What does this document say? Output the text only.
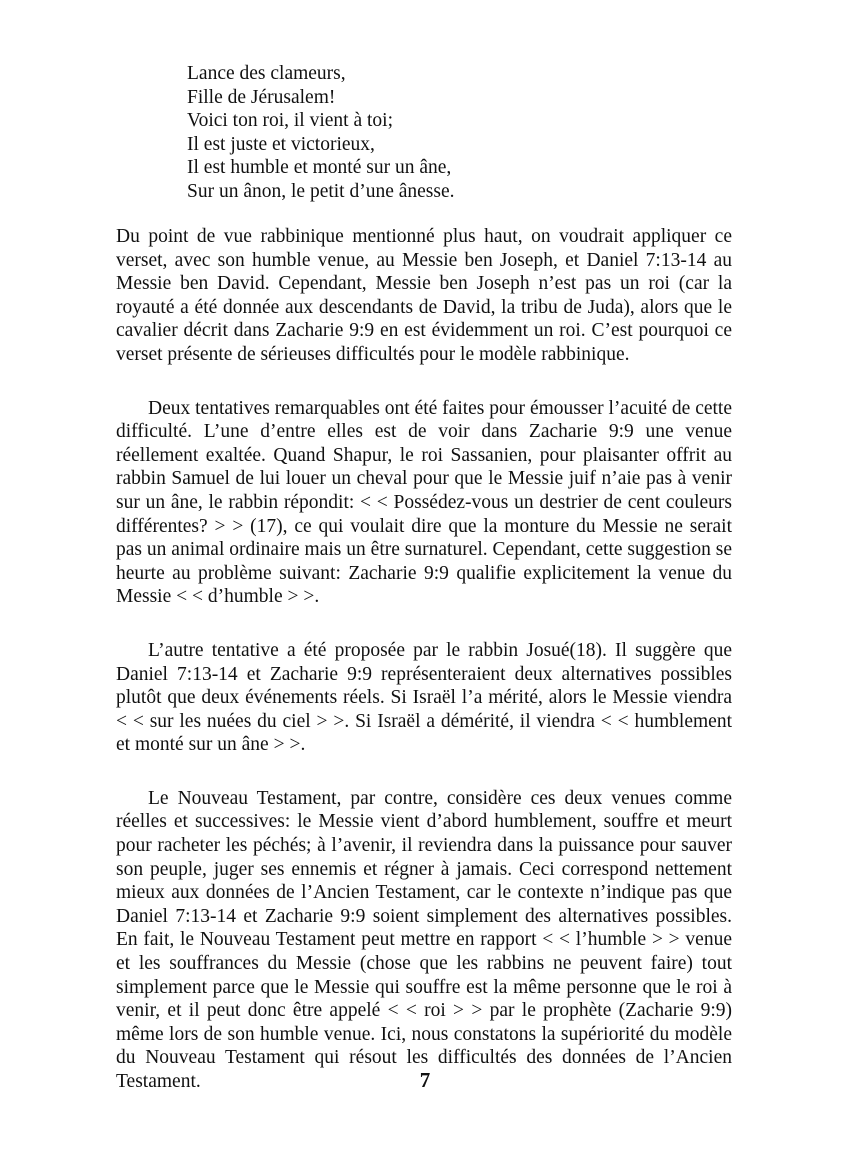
Lance des clameurs,
Fille de Jérusalem!
Voici ton roi, il vient à toi;
Il est juste et victorieux,
Il est humble et monté sur un âne,
Sur un ânon, le petit d’une ânesse.

Du point de vue rabbinique mentionné plus haut, on voudrait appliquer ce verset, avec son humble venue, au Messie ben Joseph, et Daniel 7:13-14 au Messie ben David. Cependant, Messie ben Joseph n’est pas un roi (car la royauté a été donnée aux descendants de David, la tribu de Juda), alors que le cavalier décrit dans Zacharie 9:9 en est évidemment un roi. C’est pourquoi ce verset présente de sérieuses difficultés pour le modèle rabbinique.

Deux tentatives remarquables ont été faites pour émousser l’acuité de cette difficulté. L’une d’entre elles est de voir dans Zacharie 9:9 une venue réellement exaltée. Quand Shapur, le roi Sassanien, pour plaisanter offrit au rabbin Samuel de lui louer un cheval pour que le Messie juif n’aie pas à venir sur un âne, le rabbin répondit: < < Possédez-vous un destrier de cent couleurs différentes? > > (17), ce qui voulait dire que la monture du Messie ne serait pas un animal ordinaire mais un être surnaturel. Cependant, cette suggestion se heurte au problème suivant: Zacharie 9:9 qualifie explicitement la venue du Messie < < d’humble > >.

L’autre tentative a été proposée par le rabbin Josué(18). Il suggère que Daniel 7:13-14 et Zacharie 9:9 représenteraient deux alternatives possibles plutôt que deux événements réels. Si Israël l’a mérité, alors le Messie viendra < < sur les nuées du ciel > >. Si Israël a démérité, il viendra < < humblement et monté sur un âne > >.

Le Nouveau Testament, par contre, considère ces deux venues comme réelles et successives: le Messie vient d’abord humblement, souffre et meurt pour racheter les péchés; à l’avenir, il reviendra dans la puissance pour sauver son peuple, juger ses ennemis et régner à jamais. Ceci correspond nettement mieux aux données de l’Ancien Testament, car le contexte n’indique pas que Daniel 7:13-14 et Zacharie 9:9 soient simplement des alternatives possibles. En fait, le Nouveau Testament peut mettre en rapport < < l’humble > > venue et les souffrances du Messie (chose que les rabbins ne peuvent faire) tout simplement parce que le Messie qui souffre est la même personne que le roi à venir, et il peut donc être appelé < < roi > > par le prophète (Zacharie 9:9) même lors de son humble venue. Ici, nous constatons la supériorité du modèle du Nouveau Testament qui résout les difficultés des données de l’Ancien Testament.	7
